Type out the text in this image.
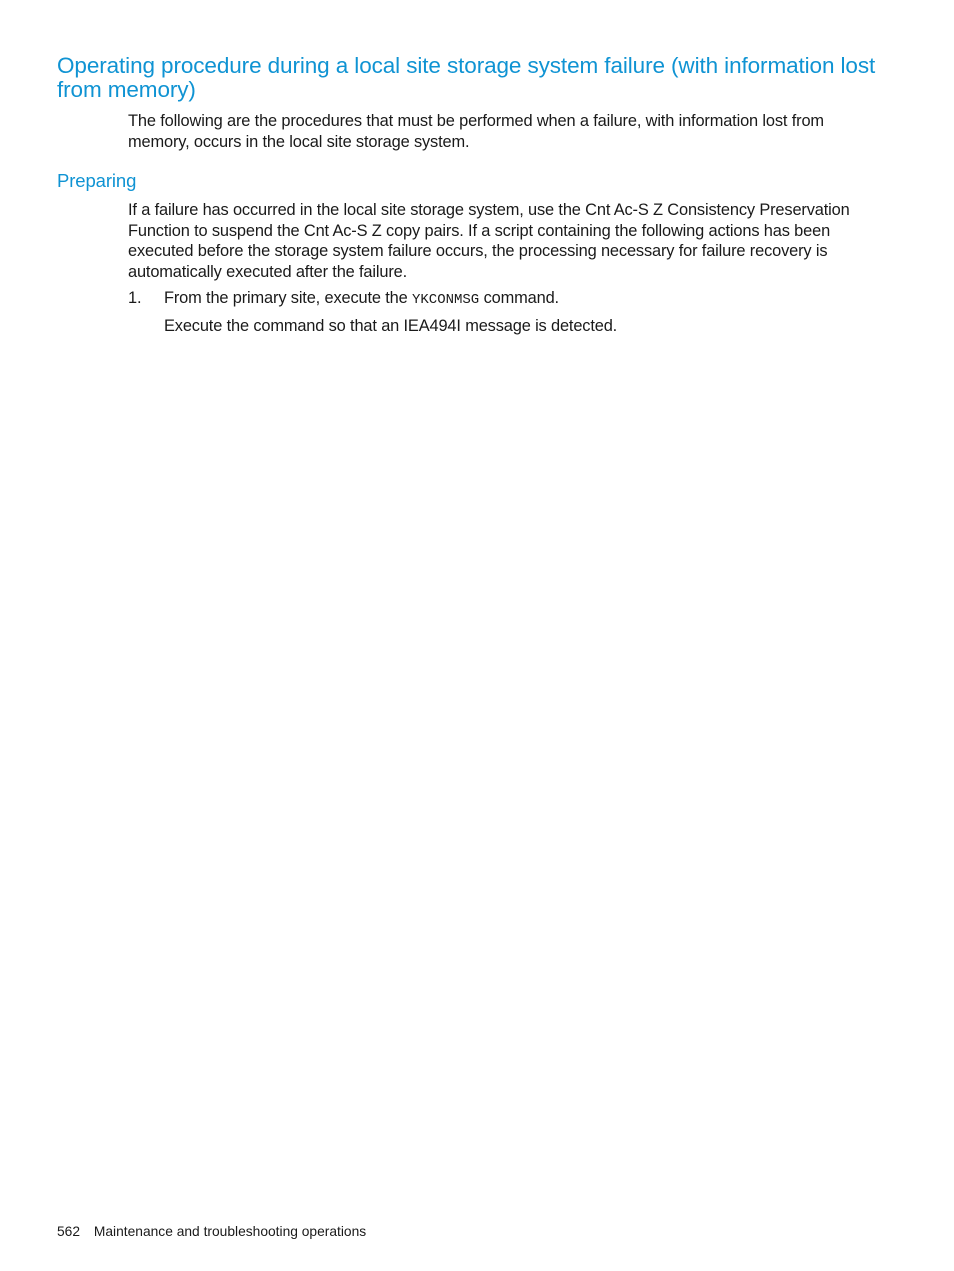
Operating procedure during a local site storage system failure (with information lost from memory)

The following are the procedures that must be performed when a failure, with information lost from memory, occurs in the local site storage system.

Preparing

If a failure has occurred in the local site storage system, use the Cnt Ac-S Z Consistency Preservation Function to suspend the Cnt Ac-S Z copy pairs. If a script containing the following actions has been executed before the storage system failure occurs, the processing necessary for failure recovery is automatically executed after the failure.

1. From the primary site, execute the YKCONMSG command.
Execute the command so that an IEA494I message is detected.
562 Maintenance and troubleshooting operations
